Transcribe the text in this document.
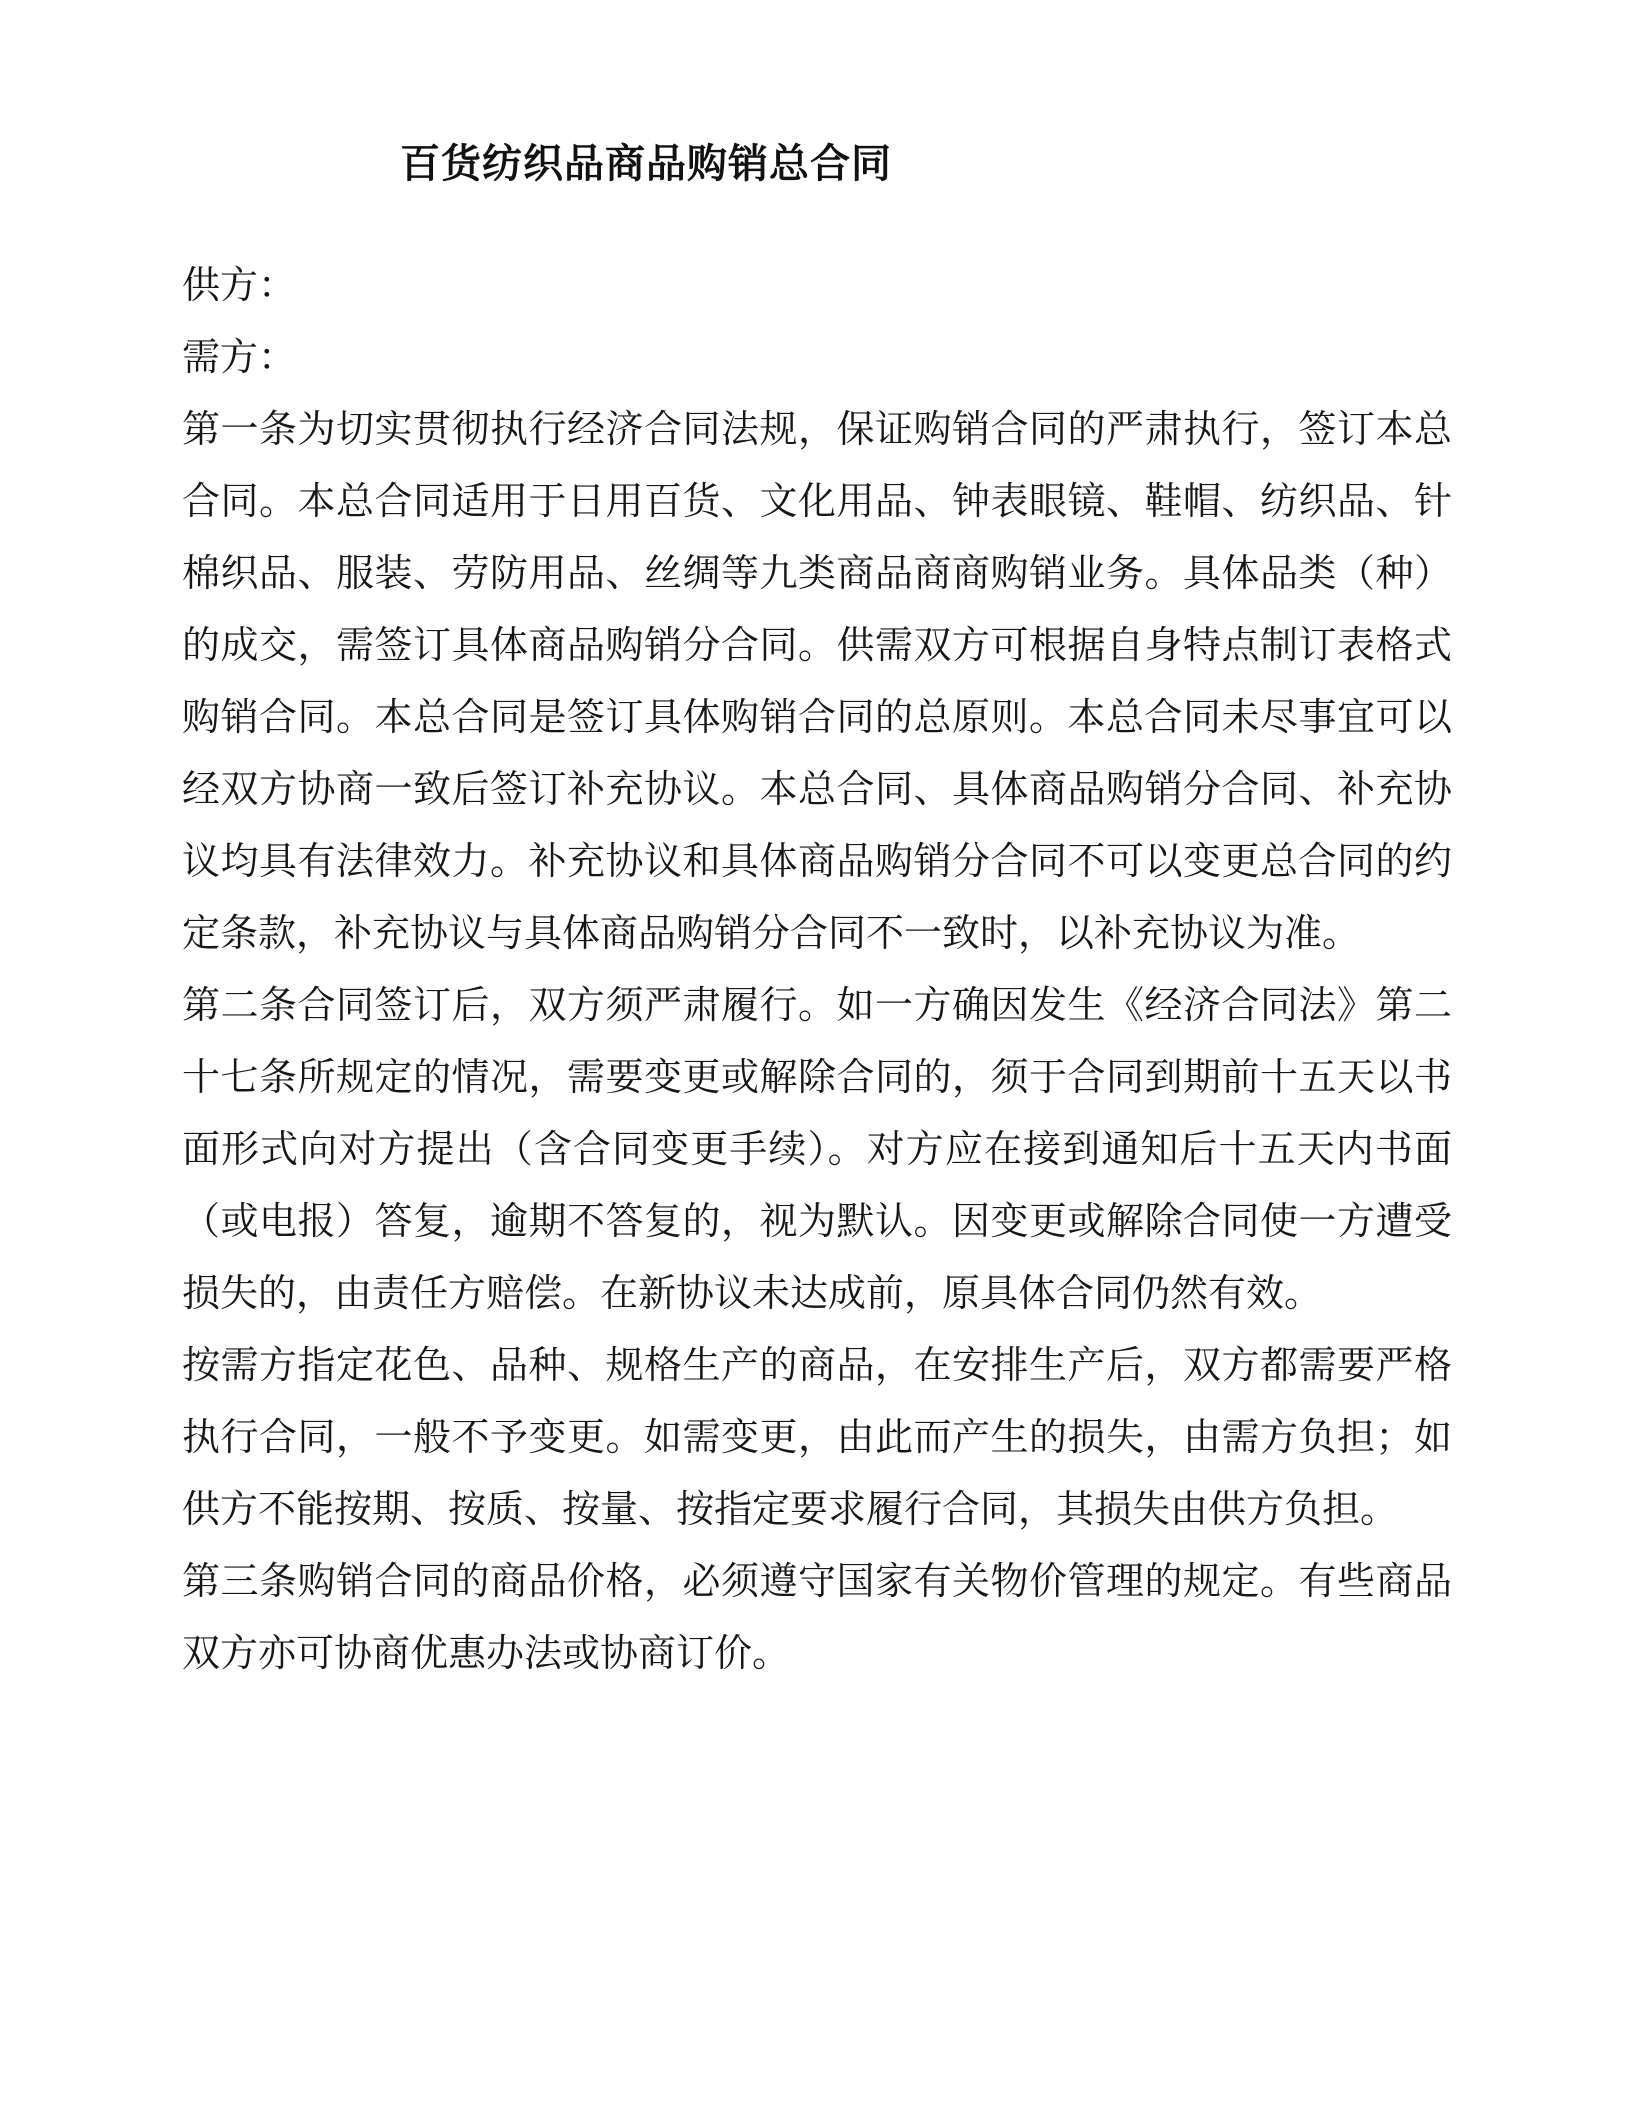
百货纺织品商品购销总合同

供方：

需方：

第一条为切实贯彻执行经济合同法规，保证购销合同的严肃执行，签订本总合同。本总合同适用于日用百货、文化用品、钟表眼镜、鞋帽、纺织品、针棉织品、服装、劳防用品、丝绸等九类商品商商购销业务。具体品类（种）的成交，需签订具体商品购销分合同。供需双方可根据自身特点制订表格式购销合同。本总合同是签订具体购销合同的总原则。本总合同未尽事宜可以经双方协商一致后签订补充协议。本总合同、具体商品购销分合同、补充协议均具有法律效力。补充协议和具体商品购销分合同不可以变更总合同的约定条款，补充协议与具体商品购销分合同不一致时，以补充协议为准。

第二条合同签订后，双方须严肃履行。如一方确因发生《经济合同法》第二十七条所规定的情况，需要变更或解除合同的，须于合同到期前十五天以书面形式向对方提出（含合同变更手续）。对方应在接到通知后十五天内书面（或电报）答复，逾期不答复的，视为默认。因变更或解除合同使一方遭受损失的，由责任方赔偿。在新协议未达成前，原具体合同仍然有效。

按需方指定花色、品种、规格生产的商品，在安排生产后，双方都需要严格执行合同，一般不予变更。如需变更，由此而产生的损失，由需方负担；如供方不能按期、按质、按量、按指定要求履行合同，其损失由供方负担。

第三条购销合同的商品价格，必须遵守国家有关物价管理的规定。有些商品双方亦可协商优惠办法或协商订价。
